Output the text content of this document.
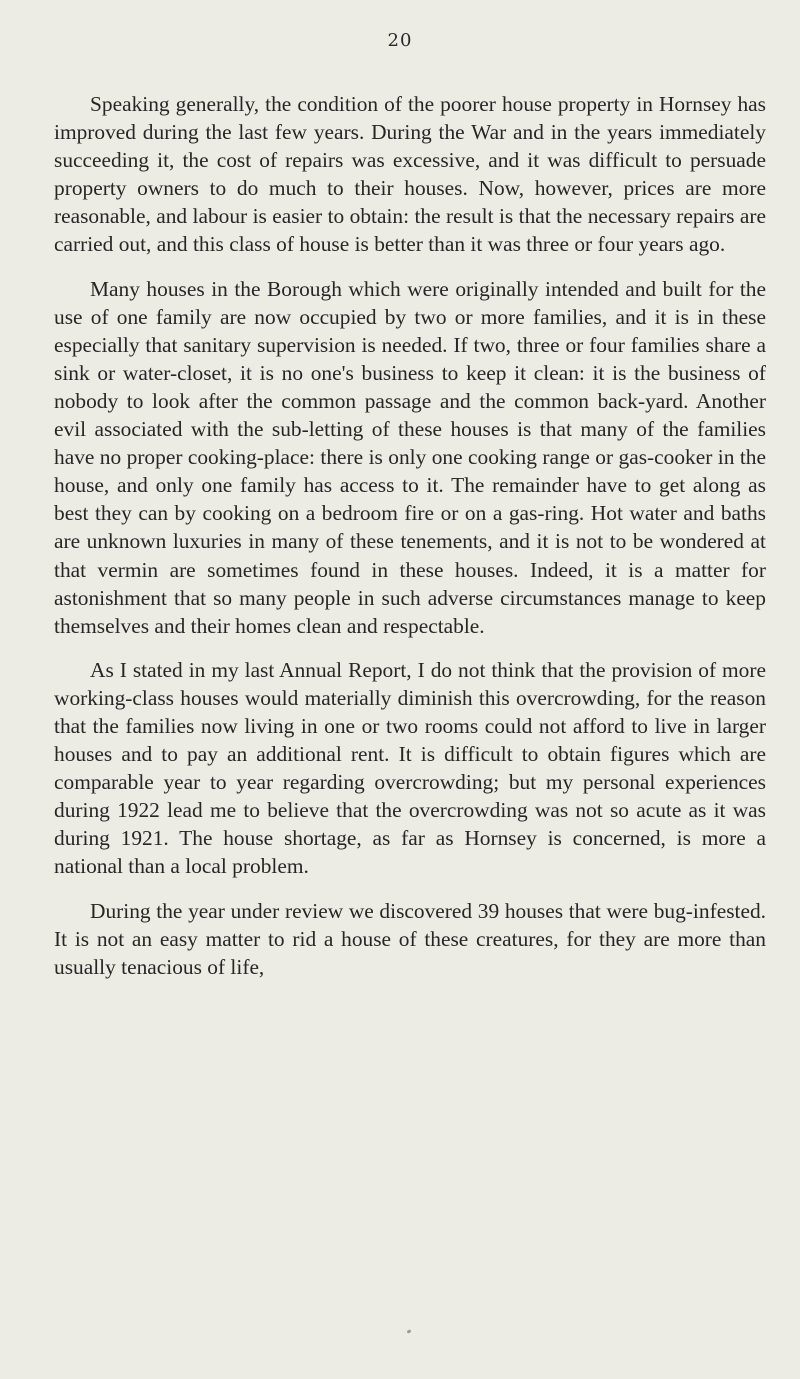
20

Speaking generally, the condition of the poorer house property in Hornsey has improved during the last few years. During the War and in the years immediately succeeding it, the cost of repairs was excessive, and it was difficult to persuade property owners to do much to their houses. Now, however, prices are more reasonable, and labour is easier to obtain: the result is that the necessary repairs are carried out, and this class of house is better than it was three or four years ago.

Many houses in the Borough which were originally intended and built for the use of one family are now occupied by two or more families, and it is in these especially that sanitary supervision is needed. If two, three or four families share a sink or water-closet, it is no one's business to keep it clean: it is the business of nobody to look after the common passage and the common back-yard. Another evil associated with the sub-letting of these houses is that many of the families have no proper cooking-place: there is only one cooking range or gas-cooker in the house, and only one family has access to it. The remainder have to get along as best they can by cooking on a bedroom fire or on a gas-ring. Hot water and baths are unknown luxuries in many of these tenements, and it is not to be wondered at that vermin are sometimes found in these houses. Indeed, it is a matter for astonishment that so many people in such adverse circumstances manage to keep themselves and their homes clean and respectable.

As I stated in my last Annual Report, I do not think that the provision of more working-class houses would materially diminish this overcrowding, for the reason that the families now living in one or two rooms could not afford to live in larger houses and to pay an additional rent. It is difficult to obtain figures which are comparable year to year regarding overcrowding; but my personal experiences during 1922 lead me to believe that the overcrowding was not so acute as it was during 1921. The house shortage, as far as Hornsey is concerned, is more a national than a local problem.

During the year under review we discovered 39 houses that were bug-infested. It is not an easy matter to rid a house of these creatures, for they are more than usually tenacious of life,
